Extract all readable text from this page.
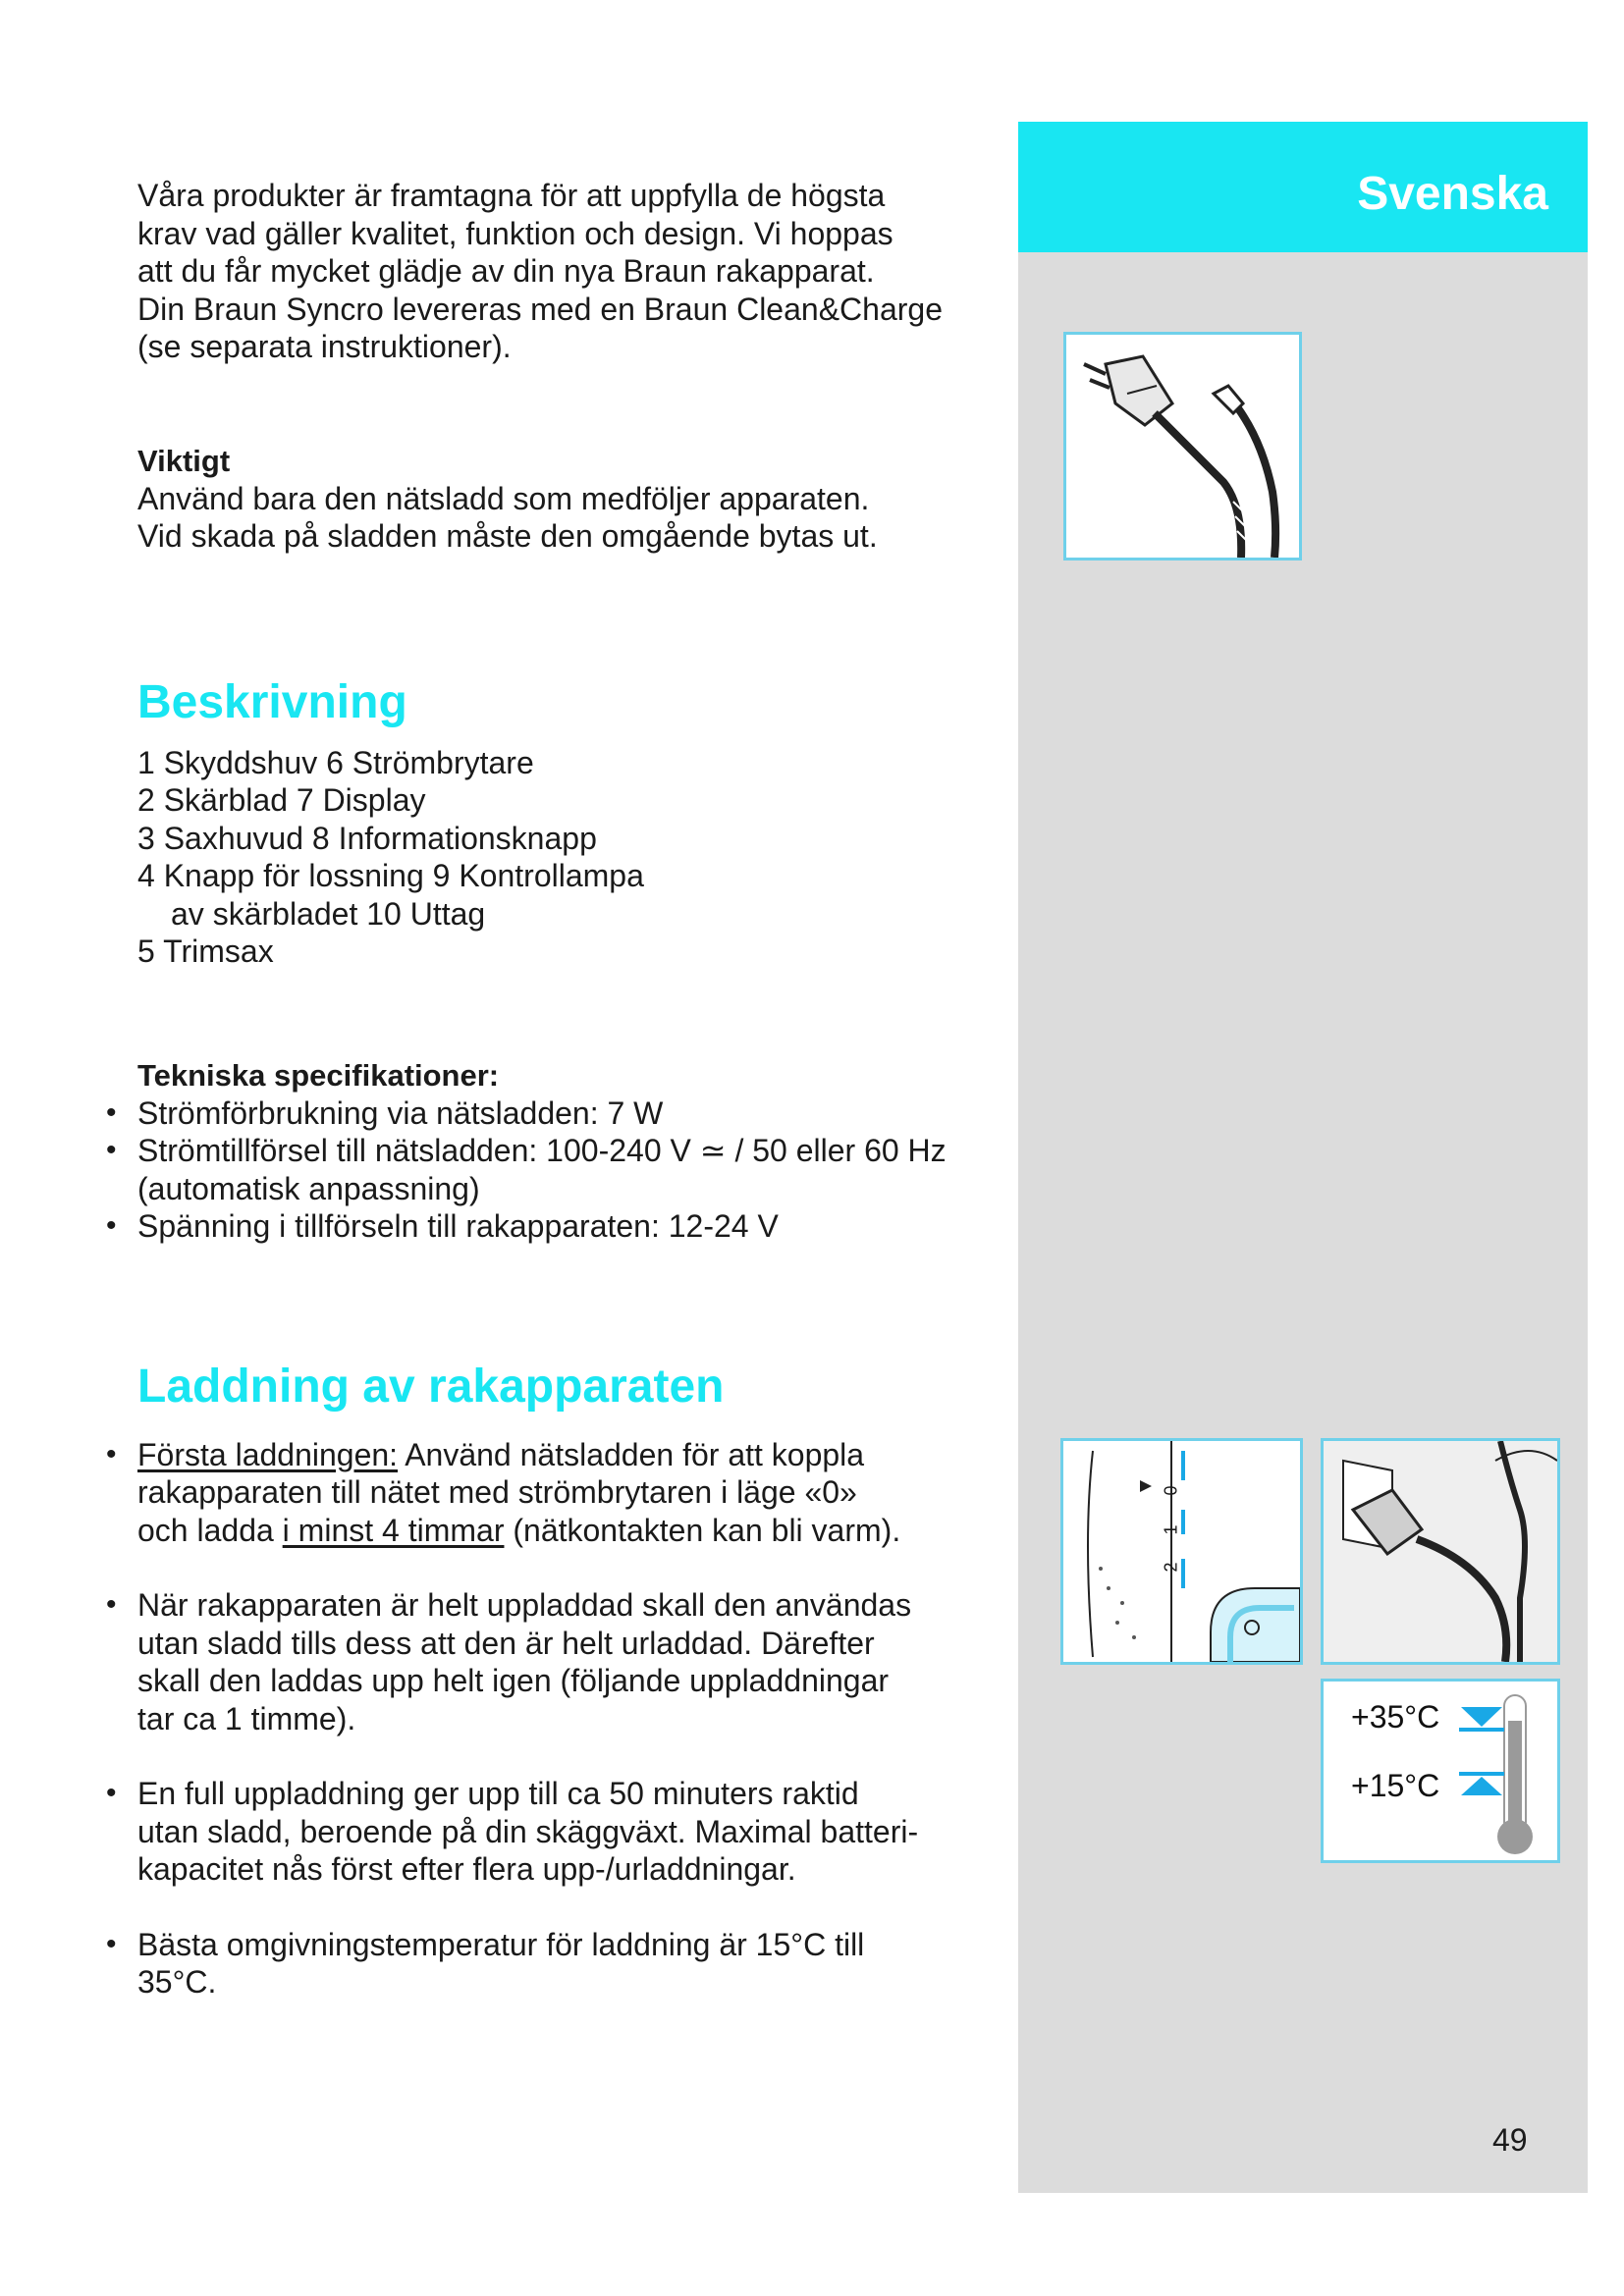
Svenska
0
1
2
+35°C
+15°C

Våra produkter är framtagna för att uppfylla de högsta

krav vad gäller kvalitet, funktion och design. Vi hoppas

att du får mycket glädje av din nya Braun rakapparat.

Din Braun Syncro levereras med en Braun Clean&Charge

(se separata instruktioner).

Viktigt

Använd bara den nätsladd som medföljer apparaten.

Vid skada på sladden måste den omgående bytas ut.

Beskrivning

1 Skyddshuv 6 Strömbrytare

2 Skärblad 7 Display

3 Saxhuvud 8 Informationsknapp

4 Knapp för lossning 9 Kontrollampa

av skärbladet 10 Uttag

5 Trimsax

Tekniska specifikationer:

• Strömförbrukning via nätsladden: 7 W
• Strömtillförsel till nätsladden: 100-240 V ≃ / 50 eller 60 Hz

(automatisk anpassning)

• Spänning i tillförseln till rakapparaten: 12-24 V
Laddning av rakapparaten
• Första laddningen: Använd nätsladden för att koppla
rakapparaten till nätet med strömbrytaren i läge «0»
och ladda i minst 4 timmar (nätkontakten kan bli varm).
• När rakapparaten är helt uppladdad skall den användas
utan sladd tills dess att den är helt urladdad. Därefter
skall den laddas upp helt igen (följande uppladdningar
tar ca 1 timme).
• En full uppladdning ger upp till ca 50 minuters raktid
utan sladd, beroende på din skäggväxt. Maximal batteri-
kapacitet nås först efter flera upp-/urladdningar.
• Bästa omgivningstemperatur för laddning är 15°C till
35°C.
49
